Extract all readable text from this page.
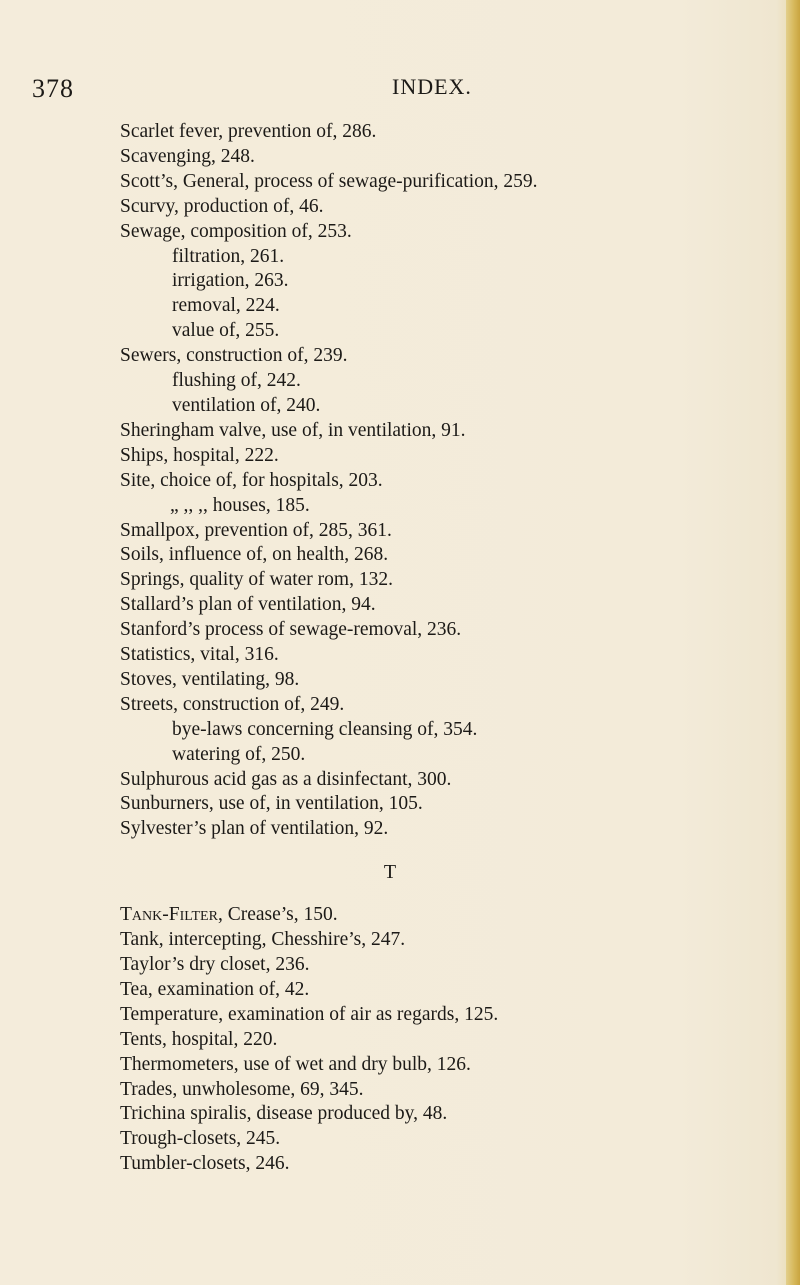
378	INDEX.
Scarlet fever, prevention of, 286.
Scavenging, 248.
Scott’s, General, process of sewage-purification, 259.
Scurvy, production of, 46.
Sewage, composition of, 253.
filtration, 261.
irrigation, 263.
removal, 224.
value of, 255.
Sewers, construction of, 239.
flushing of, 242.
ventilation of, 240.
Sheringham valve, use of, in ventilation, 91.
Ships, hospital, 222.
Site, choice of, for hospitals, 203.
„ ,, ,, houses, 185.
Smallpox, prevention of, 285, 361.
Soils, influence of, on health, 268.
Springs, quality of water rom, 132.
Stallard’s plan of ventilation, 94.
Stanford’s process of sewage-removal, 236.
Statistics, vital, 316.
Stoves, ventilating, 98.
Streets, construction of, 249.
bye-laws concerning cleansing of, 354.
watering of, 250.
Sulphurous acid gas as a disinfectant, 300.
Sunburners, use of, in ventilation, 105.
Sylvester’s plan of ventilation, 92.
T
Tank-Filter, Crease’s, 150.
Tank, intercepting, Chesshire’s, 247.
Taylor’s dry closet, 236.
Tea, examination of, 42.
Temperature, examination of air as regards, 125.
Tents, hospital, 220.
Thermometers, use of wet and dry bulb, 126.
Trades, unwholesome, 69, 345.
Trichina spiralis, disease produced by, 48.
Trough-closets, 245.
Tumbler-closets, 246.
